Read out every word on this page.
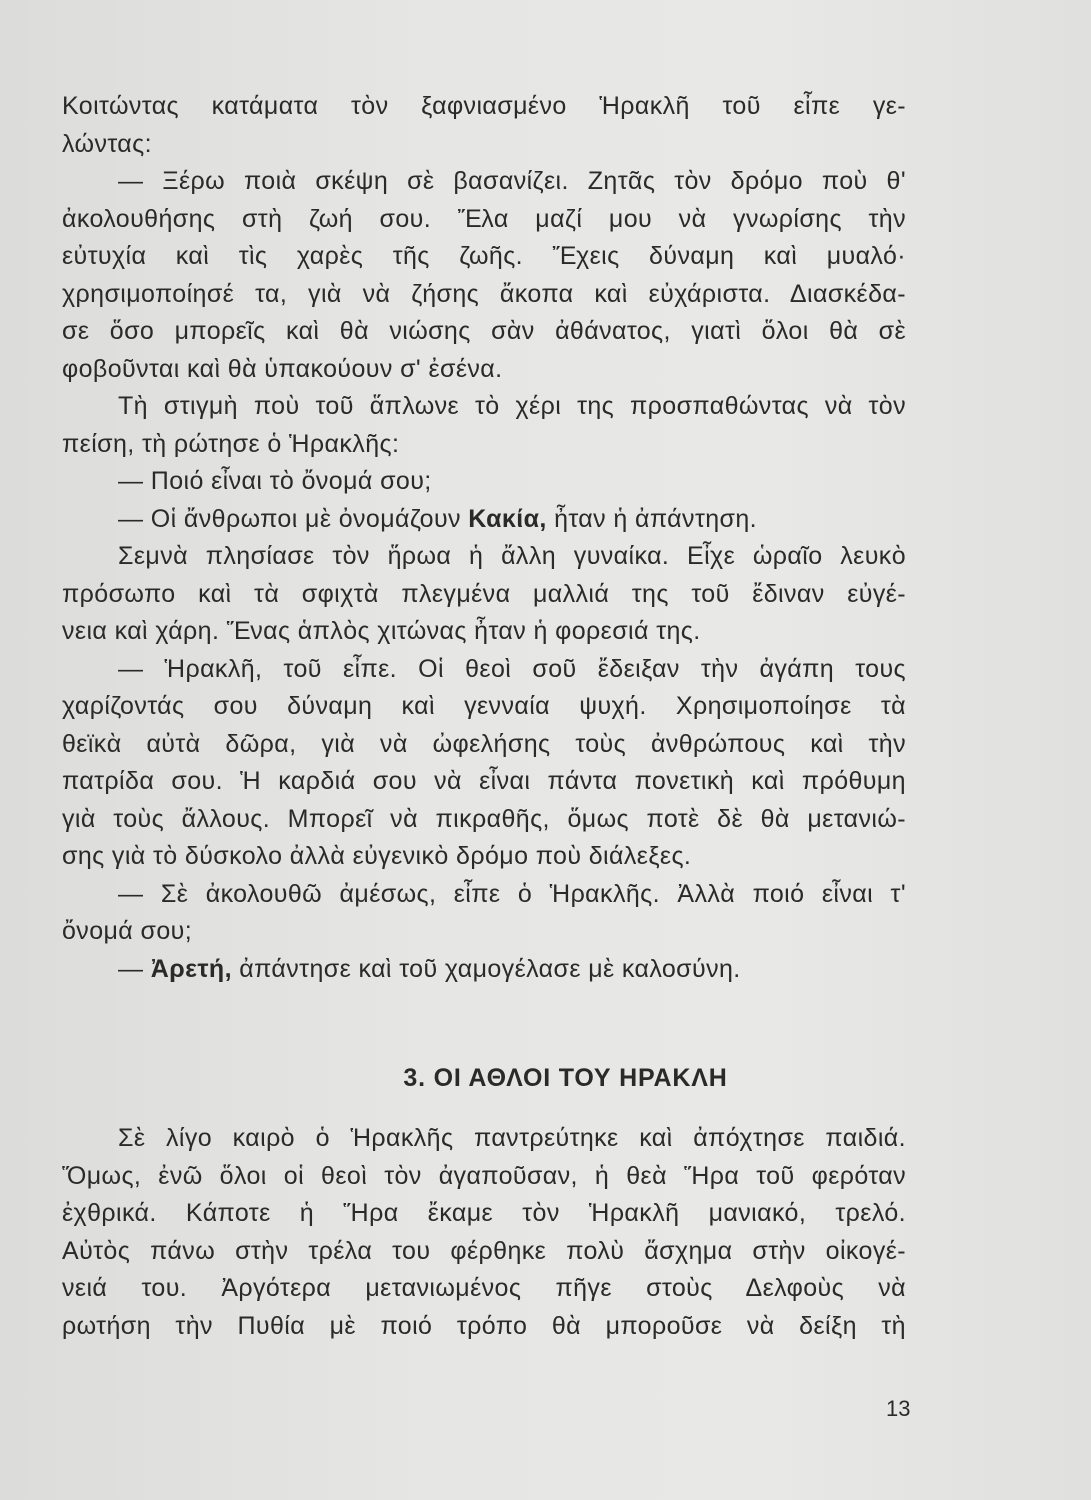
Κοιτώντας κατάματα τὸν ξαφνιασμένο Ἡρακλῆ τοῦ εἶπε γε-

λώντας:

— Ξέρω ποιὰ σκέψη σὲ βασανίζει. Ζητᾶς τὸν δρόμο ποὺ θ'

ἀκολουθήσης στὴ ζωή σου. Ἔλα μαζί μου νὰ γνωρίσης τὴν

εὐτυχία καὶ τὶς χαρὲς τῆς ζωῆς. Ἔχεις δύναμη καὶ μυαλό·

χρησιμοποίησέ τα, γιὰ νὰ ζήσης ἄκοπα καὶ εὐχάριστα. Διασκέδα-

σε ὅσο μπορεῖς καὶ θὰ νιώσης σὰν ἀθάνατος, γιατὶ ὅλοι θὰ σὲ

φοβοῦνται καὶ θὰ ὑπακούουν σ' ἐσένα.

Τὴ στιγμὴ ποὺ τοῦ ἅπλωνε τὸ χέρι της προσπαθώντας νὰ τὸν

πείση, τὴ ρώτησε ὁ Ἡρακλῆς:

— Ποιό εἶναι τὸ ὄνομά σου;

— Οἱ ἄνθρωποι μὲ ὀνομάζουν Κακία, ἦταν ἡ ἀπάντηση.

Σεμνὰ πλησίασε τὸν ἥρωα ἡ ἄλλη γυναίκα. Εἶχε ὡραῖο λευκὸ

πρόσωπο καὶ τὰ σφιχτὰ πλεγμένα μαλλιά της τοῦ ἔδιναν εὐγέ-

νεια καὶ χάρη. Ἕνας ἁπλὸς χιτώνας ἦταν ἡ φορεσιά της.

— Ἡρακλῆ, τοῦ εἶπε. Οἱ θεοὶ σοῦ ἔδειξαν τὴν ἀγάπη τους

χαρίζοντάς σου δύναμη καὶ γενναία ψυχή. Χρησιμοποίησε τὰ

θεϊκὰ αὐτὰ δῶρα, γιὰ νὰ ὠφελήσης τοὺς ἀνθρώπους καὶ τὴν

πατρίδα σου. Ἡ καρδιά σου νὰ εἶναι πάντα πονετικὴ καὶ πρόθυμη

γιὰ τοὺς ἄλλους. Μπορεῖ νὰ πικραθῆς, ὅμως ποτὲ δὲ θὰ μετανιώ-

σης γιὰ τὸ δύσκολο ἀλλὰ εὐγενικὸ δρόμο ποὺ διάλεξες.

— Σὲ ἀκολουθῶ ἀμέσως, εἶπε ὁ Ἡρακλῆς. Ἀλλὰ ποιό εἶναι τ'

ὄνομά σου;

— Ἀρετή, ἀπάντησε καὶ τοῦ χαμογέλασε μὲ καλοσύνη.

3. ΟΙ ΑΘΛΟΙ ΤΟΥ ΗΡΑΚΛΗ

Σὲ λίγο καιρὸ ὁ Ἡρακλῆς παντρεύτηκε καὶ ἀπόχτησε παιδιά.

Ὅμως, ἐνῶ ὅλοι οἱ θεοὶ τὸν ἀγαποῦσαν, ἡ θεὰ Ἥρα τοῦ φερόταν

ἐχθρικά. Κάποτε ἡ Ἥρα ἔκαμε τὸν Ἡρακλῆ μανιακό, τρελό.

Αὐτὸς πάνω στὴν τρέλα του φέρθηκε πολὺ ἄσχημα στὴν οἰκογέ-

νειά του. Ἀργότερα μετανιωμένος πῆγε στοὺς Δελφοὺς νὰ

ρωτήση τὴν Πυθία μὲ ποιό τρόπο θὰ μποροῦσε νὰ δείξη τὴ

13
